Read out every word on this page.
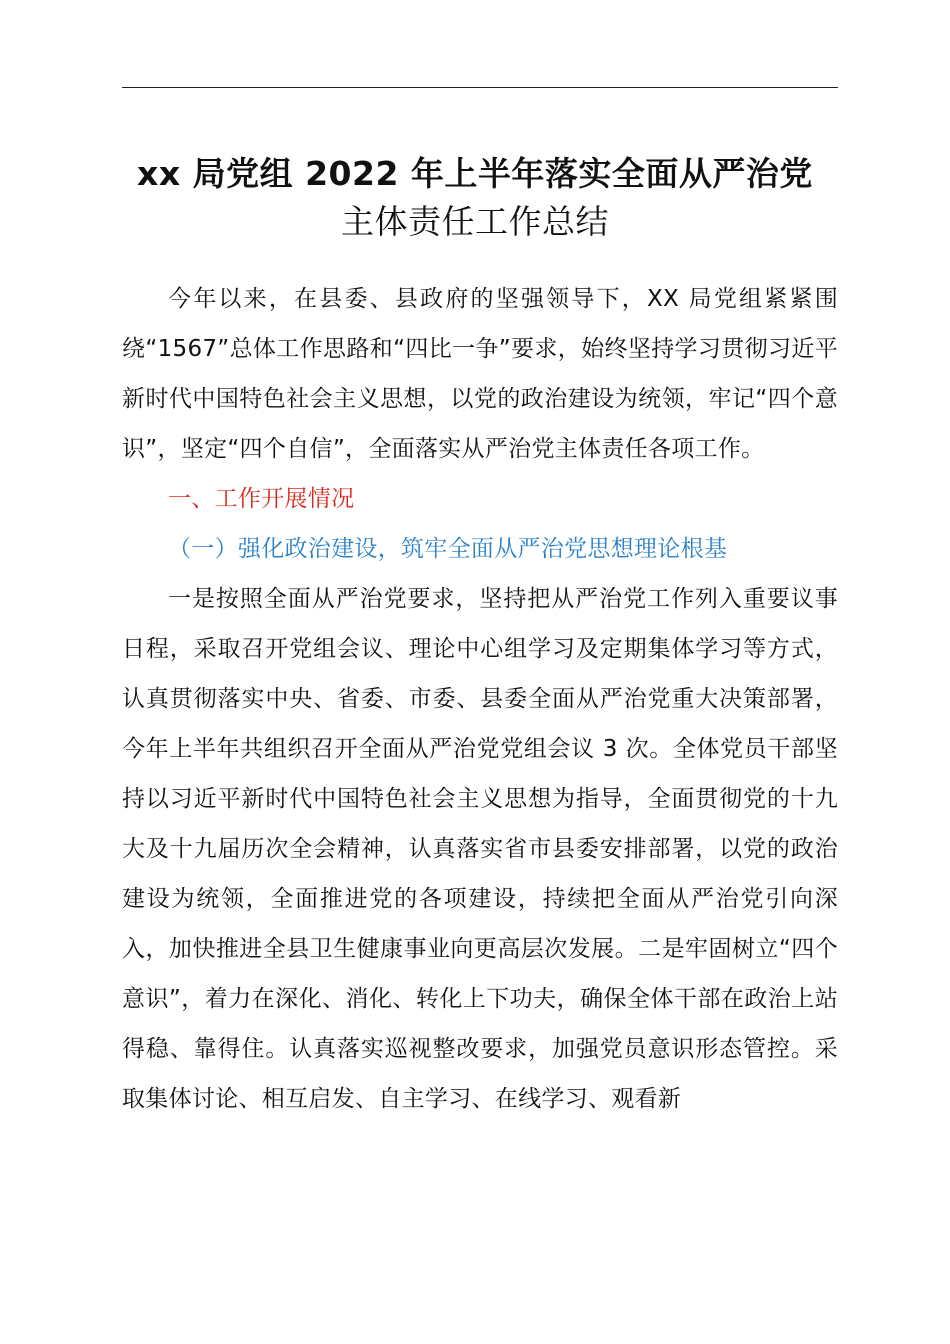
xx 局党组 2022 年上半年落实全面从严治党
主体责任工作总结

今年以来，在县委、县政府的坚强领导下，XX 局党组紧紧围绕“1567”总体工作思路和“四比一争”要求，始终坚持学习贯彻习近平新时代中国特色社会主义思想，以党的政治建设为统领，牢记“四个意识”，坚定“四个自信”，全面落实从严治党主体责任各项工作。

一、工作开展情况

（一）强化政治建设，筑牢全面从严治党思想理论根基

一是按照全面从严治党要求，坚持把从严治党工作列入重要议事日程，采取召开党组会议、理论中心组学习及定期集体学习等方式，认真贯彻落实中央、省委、市委、县委全面从严治党重大决策部署，今年上半年共组织召开全面从严治党党组会议 3 次。全体党员干部坚持以习近平新时代中国特色社会主义思想为指导，全面贯彻党的十九大及十九届历次全会精神，认真落实省市县委安排部署，以党的政治建设为统领，全面推进党的各项建设，持续把全面从严治党引向深入，加快推进全县卫生健康事业向更高层次发展。二是牢固树立“四个意识”，着力在深化、消化、转化上下功夫，确保全体干部在政治上站得稳、靠得住。认真落实巡视整改要求，加强党员意识形态管控。采取集体讨论、相互启发、自主学习、在线学习、观看新
